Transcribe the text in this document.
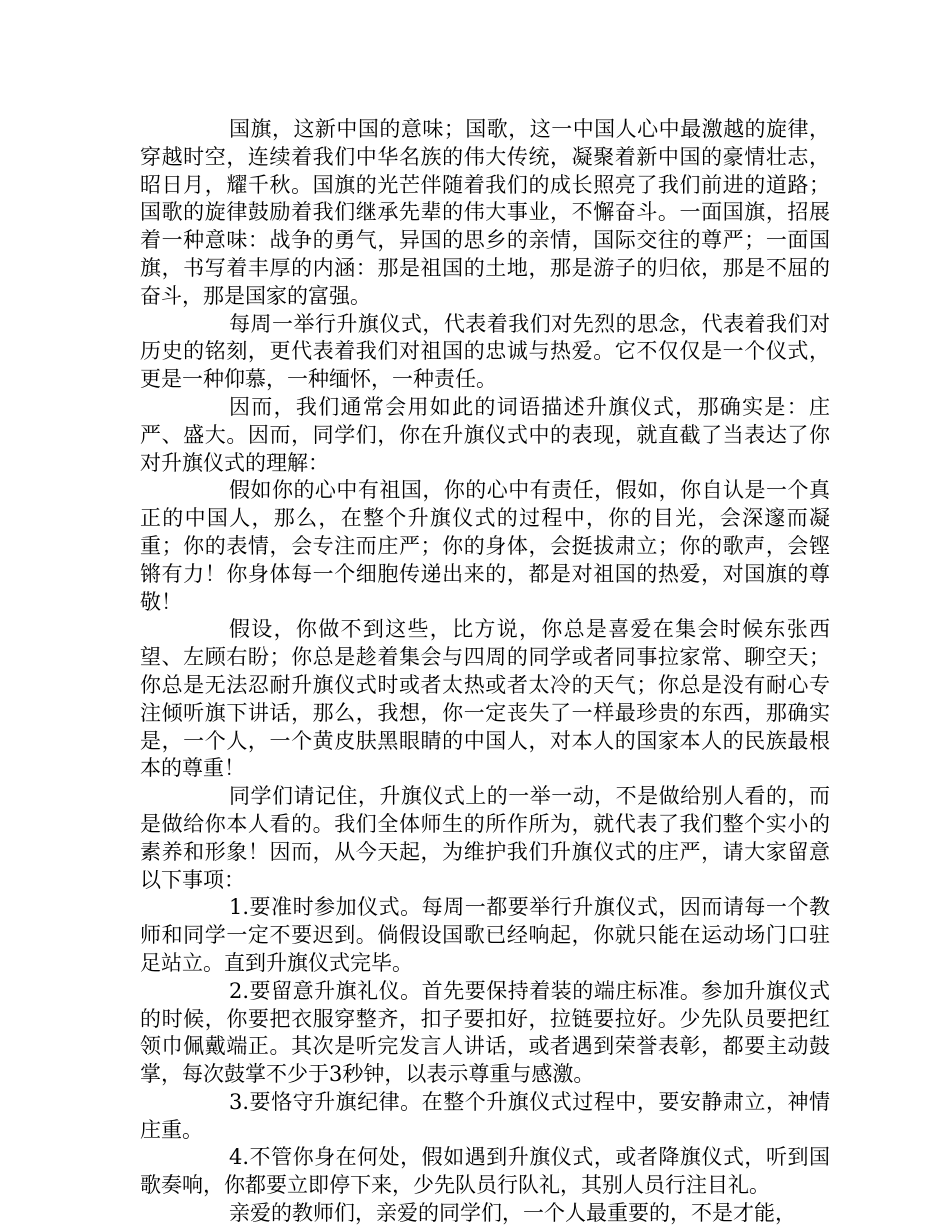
国旗，这新中国的意味；国歌，这一中国人心中最激越的旋律，穿越时空，连续着我们中华名族的伟大传统，凝聚着新中国的豪情壮志，昭日月，耀千秋。国旗的光芒伴随着我们的成长照亮了我们前进的道路；国歌的旋律鼓励着我们继承先辈的伟大事业，不懈奋斗。一面国旗，招展着一种意味：战争的勇气，异国的思乡的亲情，国际交往的尊严；一面国旗，书写着丰厚的内涵：那是祖国的土地，那是游子的归依，那是不屈的奋斗，那是国家的富强。

每周一举行升旗仪式，代表着我们对先烈的思念，代表着我们对历史的铭刻，更代表着我们对祖国的忠诚与热爱。它不仅仅是一个仪式，更是一种仰慕，一种缅怀，一种责任。

因而，我们通常会用如此的词语描述升旗仪式，那确实是：庄严、盛大。因而，同学们，你在升旗仪式中的表现，就直截了当表达了你对升旗仪式的理解：

假如你的心中有祖国，你的心中有责任，假如，你自认是一个真正的中国人，那么，在整个升旗仪式的过程中，你的目光，会深邃而凝重；你的表情，会专注而庄严；你的身体，会挺拔肃立；你的歌声，会铿锵有力！你身体每一个细胞传递出来的，都是对祖国的热爱，对国旗的尊敬！

假设，你做不到这些，比方说，你总是喜爱在集会时候东张西望、左顾右盼；你总是趁着集会与四周的同学或者同事拉家常、聊空天；你总是无法忍耐升旗仪式时或者太热或者太冷的天气；你总是没有耐心专注倾听旗下讲话，那么，我想，你一定丧失了一样最珍贵的东西，那确实是，一个人，一个黄皮肤黑眼睛的中国人，对本人的国家本人的民族最根本的尊重！

同学们请记住，升旗仪式上的一举一动，不是做给别人看的，而是做给你本人看的。我们全体师生的所作所为，就代表了我们整个实小的素养和形象！因而，从今天起，为维护我们升旗仪式的庄严，请大家留意以下事项：

1.要准时参加仪式。每周一都要举行升旗仪式，因而请每一个教师和同学一定不要迟到。倘假设国歌已经响起，你就只能在运动场门口驻足站立。直到升旗仪式完毕。

2.要留意升旗礼仪。首先要保持着装的端庄标准。参加升旗仪式的时候，你要把衣服穿整齐，扣子要扣好，拉链要拉好。少先队员要把红领巾佩戴端正。其次是听完发言人讲话，或者遇到荣誉表彰，都要主动鼓掌，每次鼓掌不少于3秒钟，以表示尊重与感激。

3.要恪守升旗纪律。在整个升旗仪式过程中，要安静肃立，神情庄重。

4.不管你身在何处，假如遇到升旗仪式，或者降旗仪式，听到国歌奏响，你都要立即停下来，少先队员行队礼，其别人员行注目礼。

亲爱的教师们，亲爱的同学们，一个人最重要的，不是才能，
